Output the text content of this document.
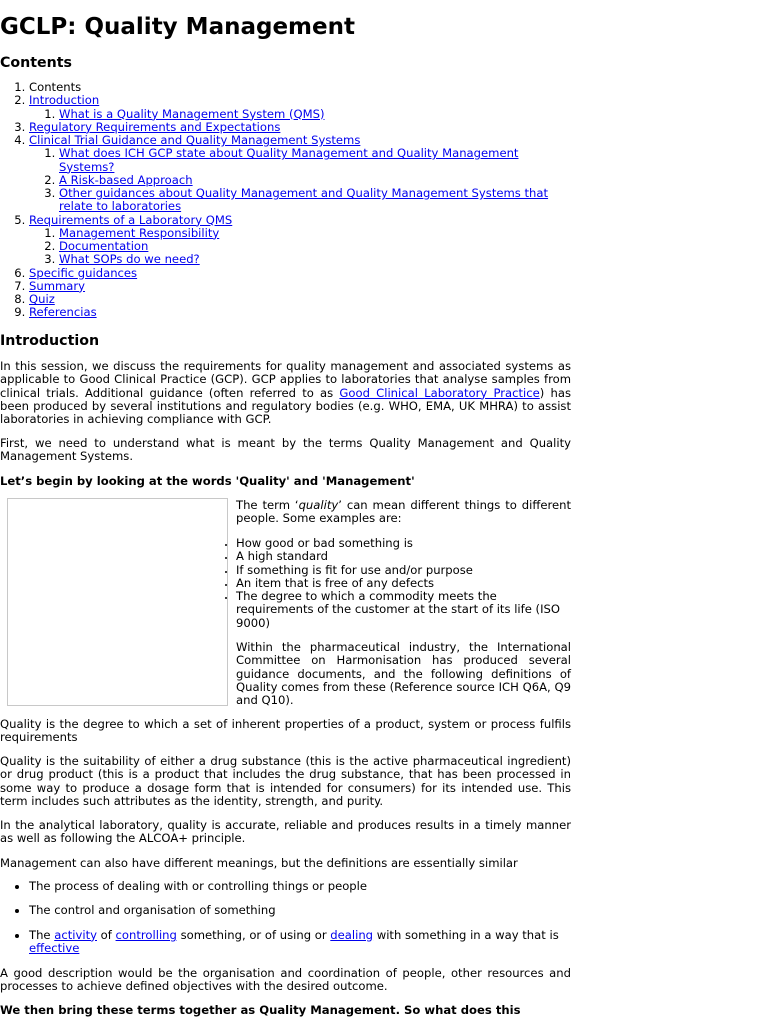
GCLP: Quality Management
Contents
1. Contents
2. Introduction
1. What is a Quality Management System (QMS)
3. Regulatory Requirements and Expectations
4. Clinical Trial Guidance and Quality Management Systems
1. What does ICH GCP state about Quality Management and Quality Management Systems?
2. A Risk-based Approach
3. Other guidances about Quality Management and Quality Management Systems that relate to laboratories
5. Requirements of a Laboratory QMS
1. Management Responsibility
2. Documentation
3. What SOPs do we need?
6. Specific guidances
7. Summary
8. Quiz
9. Referencias
Introduction

In this session, we discuss the requirements for quality management and associated systems as applicable to Good Clinical Practice (GCP). GCP applies to laboratories that analyse samples from clinical trials. Additional guidance (often referred to as Good Clinical Laboratory Practice) has been produced by several institutions and regulatory bodies (e.g. WHO, EMA, UK MHRA) to assist laboratories in achieving compliance with GCP.

First, we need to understand what is meant by the terms Quality Management and Quality Management Systems.

Let’s begin by looking at the words 'Quality' and 'Management'

The term ‘quality’ can mean different things to different people. Some examples are:

• How good or bad something is
• A high standard
• If something is fit for use and/or purpose
• An item that is free of any defects
• The degree to which a commodity meets the requirements of the customer at the start of its life (ISO 9000)

Within the pharmaceutical industry, the International Committee on Harmonisation has produced several guidance documents, and the following definitions of Quality comes from these (Reference source ICH Q6A, Q9 and Q10).

Quality is the degree to which a set of inherent properties of a product, system or process fulfils requirements

Quality is the suitability of either a drug substance (this is the active pharmaceutical ingredient) or drug product (this is a product that includes the drug substance, that has been processed in some way to produce a dosage form that is intended for consumers) for its intended use. This term includes such attributes as the identity, strength, and purity.

In the analytical laboratory, quality is accurate, reliable and produces results in a timely manner as well as following the ALCOA+ principle.

Management can also have different meanings, but the definitions are essentially similar

• The process of dealing with or controlling things or people
• The control and organisation of something
• The activity of controlling something, or of using or dealing with something in a way that is effective

A good description would be the organisation and coordination of people, other resources and processes to achieve defined objectives with the desired outcome.

We then bring these terms together as Quality Management. So what does this
